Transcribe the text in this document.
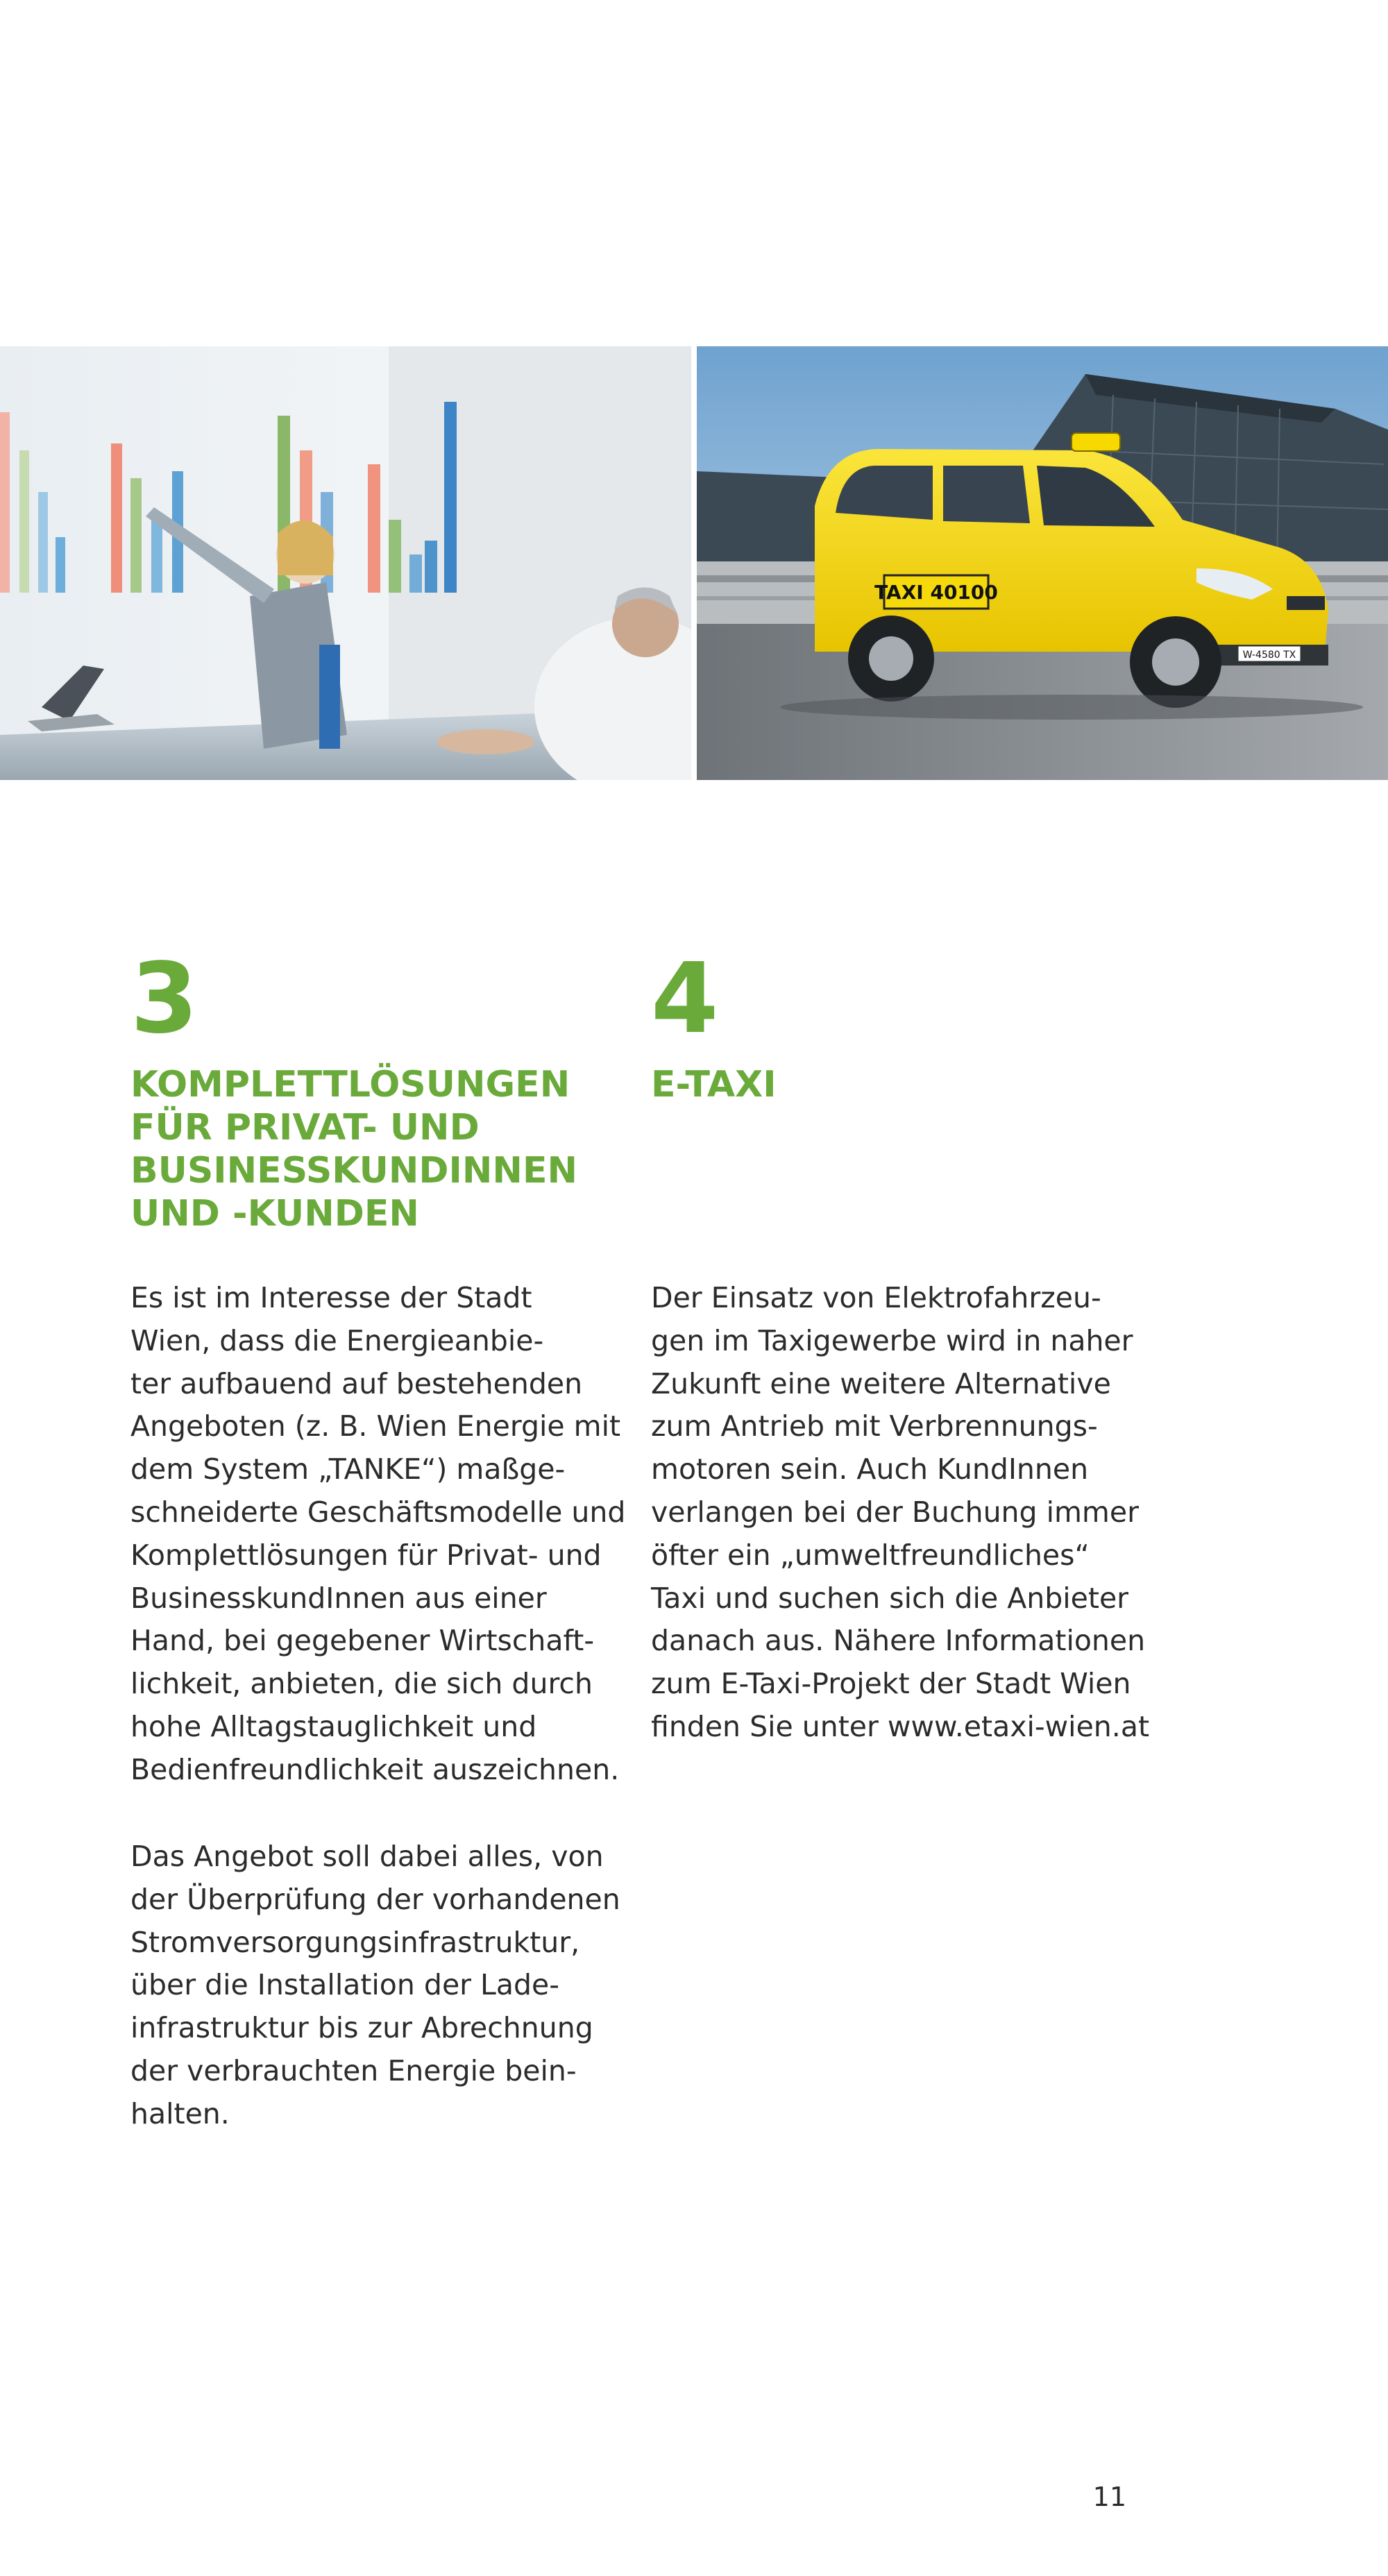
TAXI 40100
W-4580 TX
3
KOMPLETTLÖSUNGEN
FÜR PRIVAT- UND
BUSINESSKUNDINNEN
UND -KUNDEN

Es ist im Interesse der Stadt
Wien, dass die Energieanbie-
ter aufbauend auf bestehenden
Angeboten (z. B. Wien Energie mit
dem System „TANKE“) maßge-
schneiderte Geschäftsmodelle und
Komplettlösungen für Privat- und
BusinesskundInnen aus einer
Hand, bei gegebener Wirtschaft-
lichkeit, anbieten, die sich durch
hohe Alltagstauglichkeit und
Bedienfreundlichkeit auszeichnen.

Das Angebot soll dabei alles, von
der Überprüfung der vorhandenen
Stromversorgungsinfrastruktur,
über die Installation der Lade-
infrastruktur bis zur Abrechnung
der verbrauchten Energie bein-
halten.

4
E-TAXI

Der Einsatz von Elektrofahrzeu-
gen im Taxigewerbe wird in naher
Zukunft eine weitere Alternative
zum Antrieb mit Verbrennungs-
motoren sein. Auch KundInnen
verlangen bei der Buchung immer
öfter ein „umweltfreundliches“
Taxi und suchen sich die Anbieter
danach aus. Nähere Informationen
zum E-Taxi-Projekt der Stadt Wien
finden Sie unter www.etaxi-wien.at

11
